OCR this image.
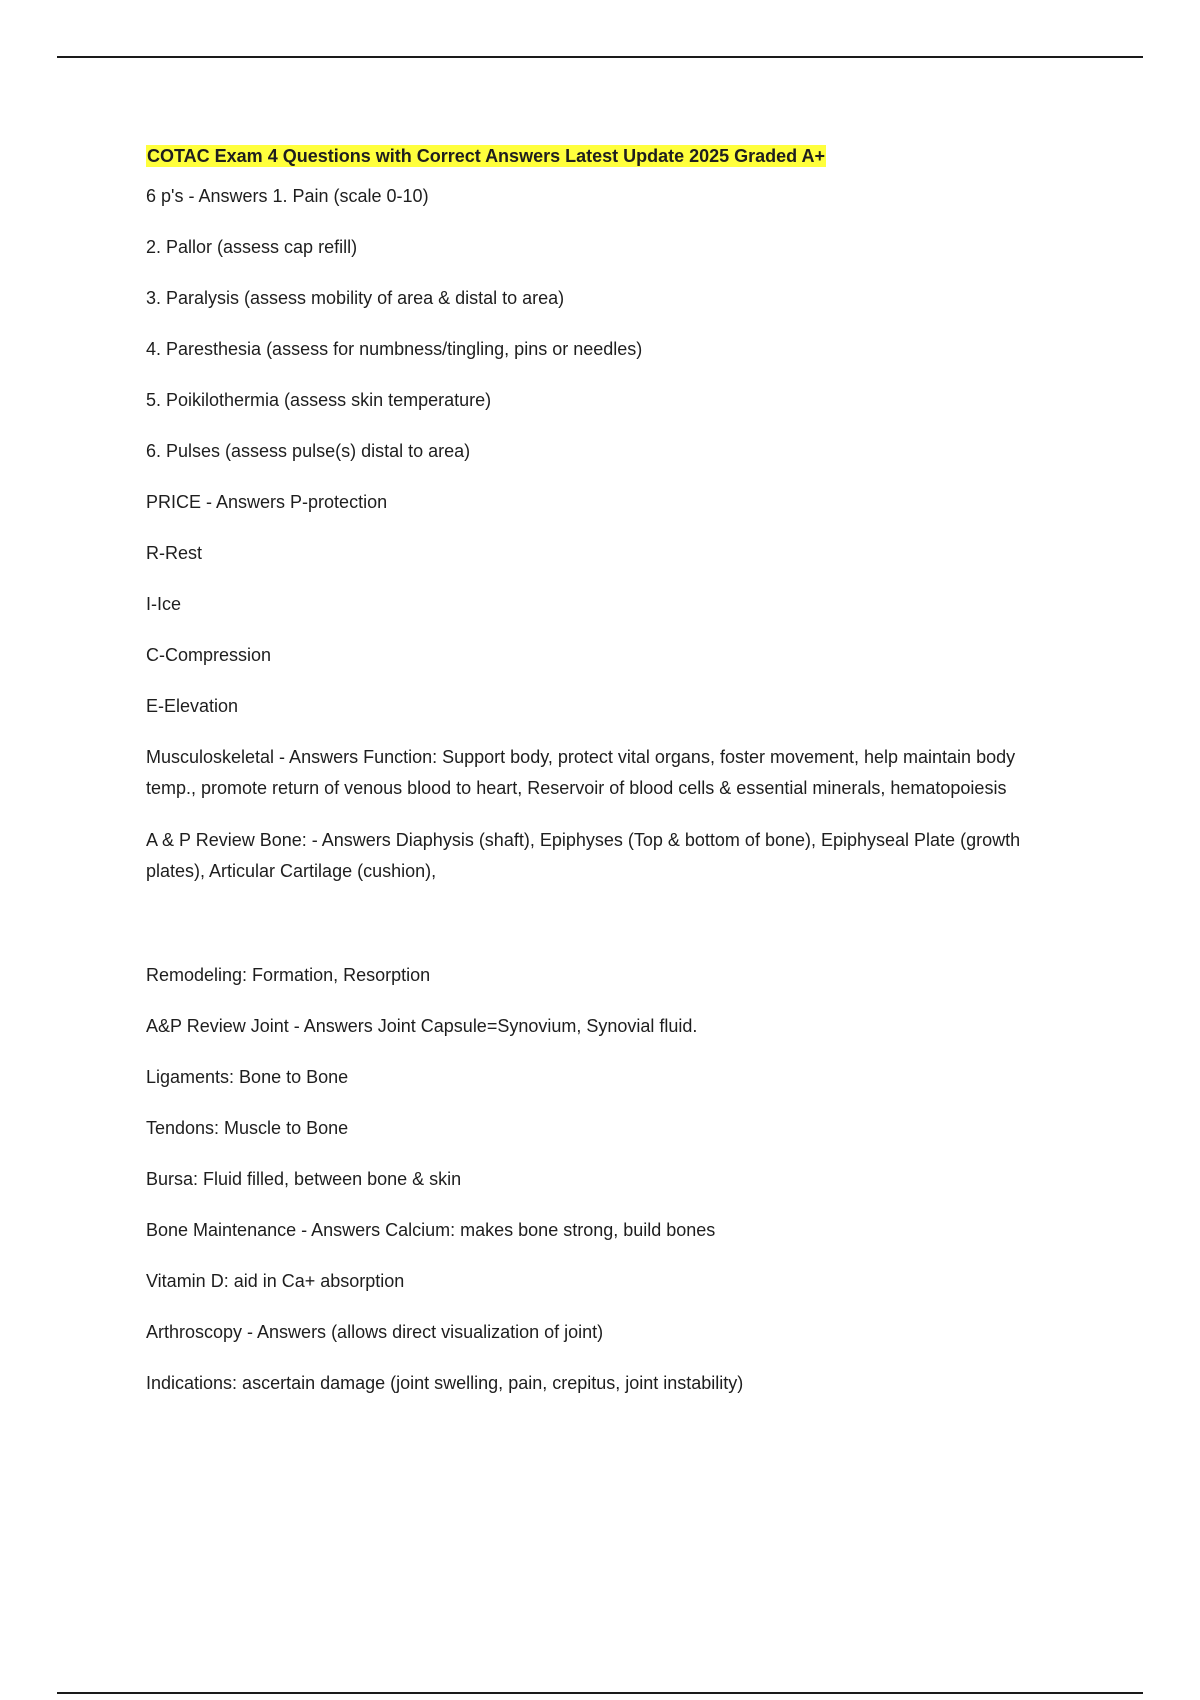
COTAC Exam 4 Questions with Correct Answers Latest Update 2025 Graded A+
6 p's - Answers 1. Pain (scale 0-10)
2. Pallor (assess cap refill)
3. Paralysis (assess mobility of area & distal to area)
4. Paresthesia (assess for numbness/tingling, pins or needles)
5. Poikilothermia (assess skin temperature)
6. Pulses (assess pulse(s) distal to area)
PRICE - Answers P-protection
R-Rest
I-Ice
C-Compression
E-Elevation
Musculoskeletal - Answers Function: Support body, protect vital organs, foster movement, help maintain body temp., promote return of venous blood to heart, Reservoir of blood cells & essential minerals, hematopoiesis
A & P Review Bone: - Answers Diaphysis (shaft), Epiphyses (Top & bottom of bone), Epiphyseal Plate (growth plates), Articular Cartilage (cushion),
Remodeling: Formation, Resorption
A&P Review Joint - Answers Joint Capsule=Synovium, Synovial fluid.
Ligaments: Bone to Bone
Tendons: Muscle to Bone
Bursa: Fluid filled, between bone & skin
Bone Maintenance - Answers Calcium: makes bone strong, build bones
Vitamin D: aid in Ca+ absorption
Arthroscopy - Answers (allows direct visualization of joint)
Indications: ascertain damage (joint swelling, pain, crepitus, joint instability)
